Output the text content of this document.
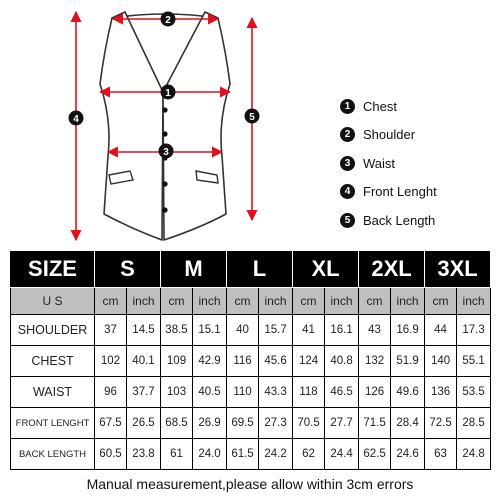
2
1
3
4	5
1 Chest
2 Shoulder
3 Waist
4 Front Lenght
5 Back Length
SIZE	S		M		L		XL		2XL		3XL	
U S	cm	inch	cm	inch	cm	inch	cm	inch	cm	inch	cm	inch
SHOULDER	37	14.5	38.5	15.1	40	15.7	41	16.1	43	16.9	44	17.3
CHEST	102	40.1	109	42.9	116	45.6	124	40.8	132	51.9	140	55.1
WAIST	96	37.7	103	40.5	110	43.3	118	46.5	126	49.6	136	53.5
FRONT LENGHT	67.5	26.5	68.5	26.9	69.5	27.3	70.5	27.7	71.5	28.4	72.5	28.5
BACK LENGTH	60.5	23.8	61	24.0	61.5	24.2	62	24.4	62.5	24.6	63	24.8
Manual measurement,please allow within 3cm errors
